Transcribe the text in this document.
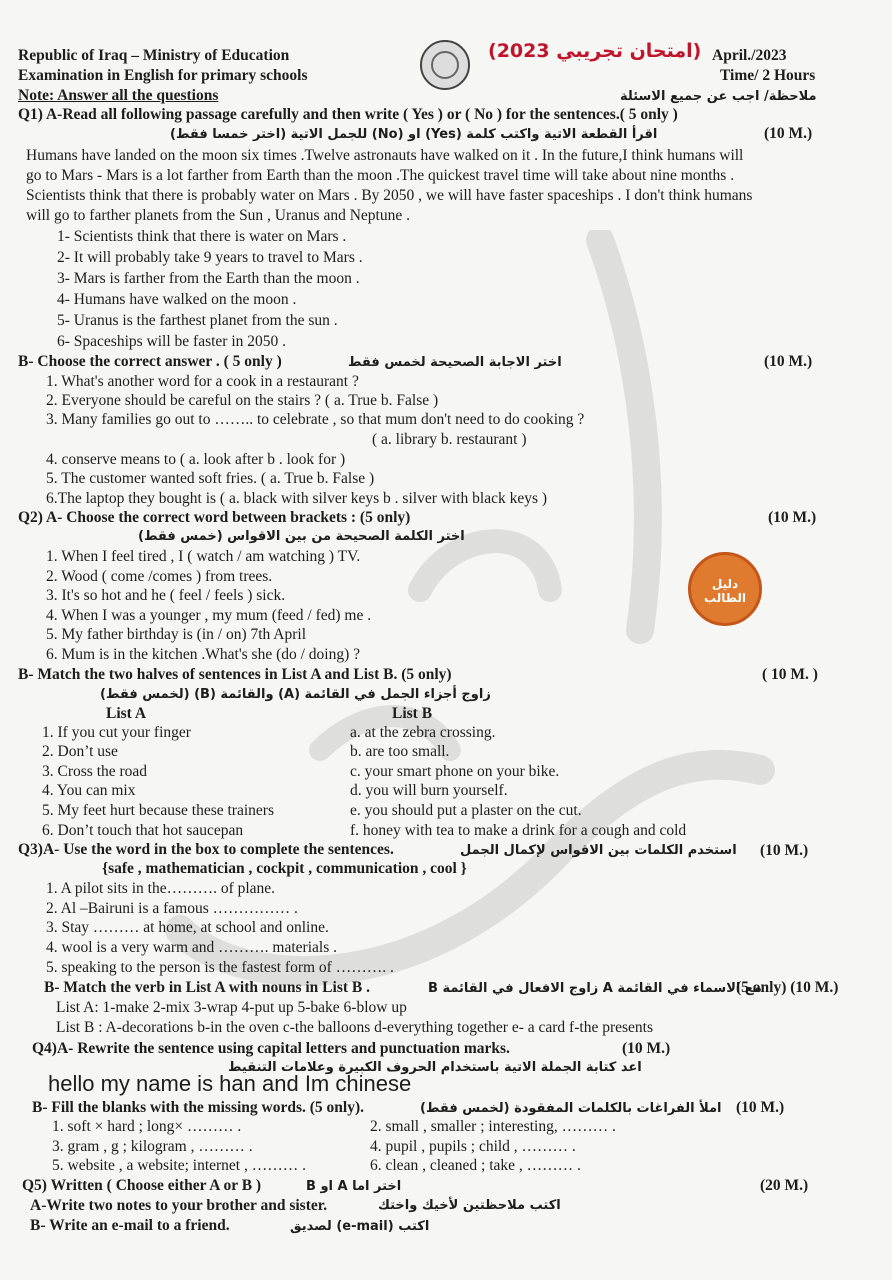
Republic of Iraq – Ministry of Education
Examination in English for primary schools
Note: Answer all the questions
(امتحان تجريبي 2023) April./2023
Time/ 2 Hours
ملاحظة/ اجب عن جميع الاسئلة
Q1) A-Read all following passage carefully and then write ( Yes ) or ( No ) for the sentences.( 5 only )
اقرأ القطعة الاتية واكتب كلمة (Yes) او (No) للجمل الاتية (اختر خمسا فقط)	(10 M.)
Humans have landed on the moon six times .Twelve astronauts have walked on it . In the future,I think humans will
go to Mars - Mars is a lot farther from Earth than the moon .The quickest travel time will take about nine months .
Scientists think that there is probably water on Mars . By 2050 , we will have faster spaceships . I don't think humans
will go to farther planets from the Sun , Uranus and Neptune .
1- Scientists think that there is water on Mars .
2- It will probably take 9 years to travel to Mars .
3- Mars is farther from the Earth than the moon .
4- Humans have walked on the moon .
5- Uranus is the farthest planet from the sun .
6- Spaceships will be faster in 2050 .
B- Choose the correct answer . ( 5 only )	اختر الاجابة الصحيحة لخمس فقط	(10 M.)
1. What's another word for a cook in a restaurant ?
2. Everyone should be careful on the stairs ? ( a. True b. False )
3. Many families go out to …….. to celebrate , so that mum don't need to do cooking ?
( a. library b. restaurant )
4. conserve means to ( a. look after b . look for )
5. The customer wanted soft fries. ( a. True b. False )
6.The laptop they bought is ( a. black with silver keys b . silver with black keys )
Q2) A- Choose the correct word between brackets : (5 only)	(10 M.)
اختر الكلمة الصحيحة من بين الاقواس (خمس فقط)
1. When I feel tired , I ( watch / am watching ) TV.
2. Wood ( come /comes ) from trees.
3. It's so hot and he ( feel / feels ) sick.
4. When I was a younger , my mum (feed / fed) me .
5. My father birthday is (in / on) 7th April
6. Mum is in the kitchen .What's she (do / doing) ?
دليل الطالب
B- Match the two halves of sentences in List A and List B. (5 only)	( 10 M. )
زاوج أجزاء الجمل في القائمة (A) والقائمة (B) (لخمس فقط)
List A	List B
1. If you cut your finger
2. Don’t use
3. Cross the road
4. You can mix
5. My feet hurt because these trainers
6. Don’t touch that hot saucepan
a. at the zebra crossing.
b. are too small.
c. your smart phone on your bike.
d. you will burn yourself.
e. you should put a plaster on the cut.
f. honey with tea to make a drink for a cough and cold
Q3)A- Use the word in the box to complete the sentences.	استخدم الكلمات بين الاقواس لإكمال الجمل (10 M.)
{safe , mathematician , cockpit , communication , cool }
1. A pilot sits in the………. of plane.
2. Al –Bairuni is a famous …………… .
3. Stay ……… at home, at school and online.
4. wool is a very warm and ………. materials .
5. speaking to the person is the fastest form of ………. .
B- Match the verb in List A with nouns in List B .	B زاوج الافعال في القائمة A مع الاسماء في القائمة
(5 only) (10 M.)
List A: 1-make 2-mix 3-wrap 4-put up 5-bake 6-blow up
List B : A-decorations b-in the oven c-the balloons d-everything together e- a card f-the presents
Q4)A- Rewrite the sentence using capital letters and punctuation marks.	(10 M.)
اعد كتابة الجملة الاتية باستخدام الحروف الكبيرة وعلامات التنقيط
hello my name is han and Im chinese
B- Fill the blanks with the missing words. (5 only).	املأ الفراغات بالكلمات المفقودة (لخمس فقط) (10 M.)
1. soft × hard ; long× ……… .
3. gram , g ; kilogram , ……… .
5. website , a website; internet , ……… .
2. small , smaller ; interesting, ……… .
4. pupil , pupils ; child , ……… .
6. clean , cleaned ; take , ……… .
Q5) Written ( Choose either A or B )	اختر اما A او B	(20 M.)
A-Write two notes to your brother and sister.	اكتب ملاحظتين لأخيك واختك
B- Write an e-mail to a friend.	اكتب (e-mail) لصديق
